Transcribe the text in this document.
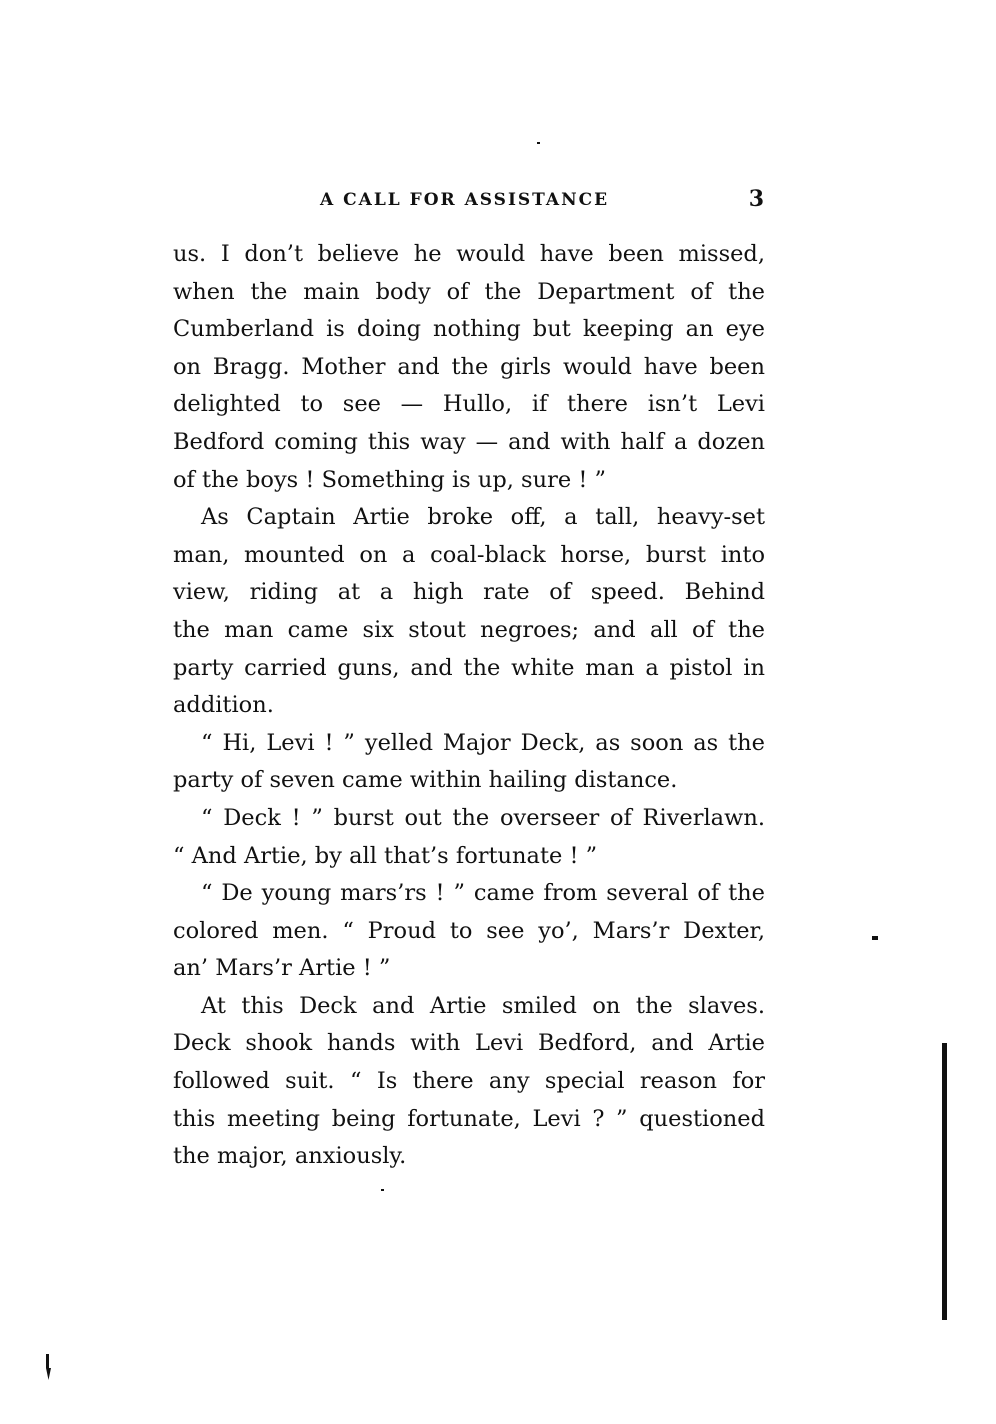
A CALL FOR ASSISTANCE	3
us. I don’t believe he would have been missed,
when the main body of the Department of the
Cumberland is doing nothing but keeping an eye
on Bragg. Mother and the girls would have been
delighted to see — Hullo, if there isn’t Levi
Bedford coming this way — and with half a dozen
of the boys ! Something is up, sure ! ”
As Captain Artie broke off, a tall, heavy-set
man, mounted on a coal-black horse, burst into
view, riding at a high rate of speed. Behind
the man came six stout negroes; and all of the
party carried guns, and the white man a pistol in
addition.
“ Hi, Levi ! ” yelled Major Deck, as soon as the
party of seven came within hailing distance.
“ Deck ! ” burst out the overseer of Riverlawn.
“ And Artie, by all that’s fortunate ! ”
“ De young mars’rs ! ” came from several of the
colored men. “ Proud to see yo’, Mars’r Dexter,
an’ Mars’r Artie ! ”
At this Deck and Artie smiled on the slaves.
Deck shook hands with Levi Bedford, and Artie
followed suit. “ Is there any special reason for
this meeting being fortunate, Levi ? ” questioned
the major, anxiously.
